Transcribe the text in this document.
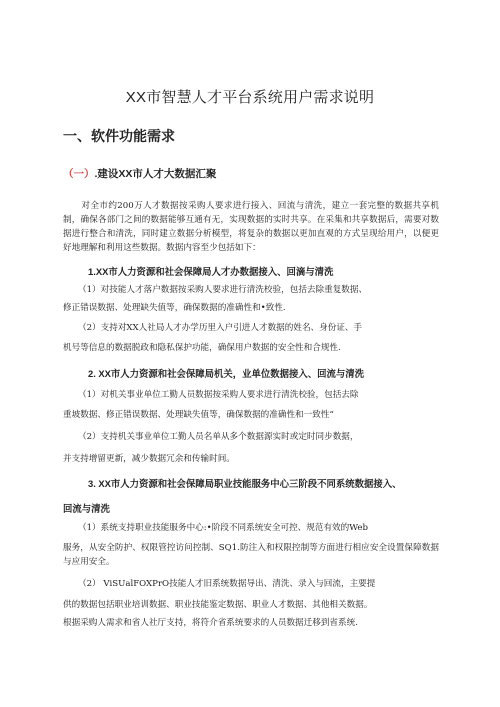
XX市智慧人才平台系统用户需求说明
一、软件功能需求
（一）.建设XX市人才大数据汇聚
对全市约200万人才数据按采购人要求进行接入、回流与清洗，建立一套完整的数据共享机制，确保各部门之间的数据能够互通有无，实现数据的实时共享。在采集和共享数据后，需要对数据进行整合和清洗，同时建立数据分析模型，将复杂的数据以更加直观的方式呈现给用户，以便更好地理解和利用这些数据。数据内容至少包括如下：
1.XX市人力资源和社会保障局人才办数据接入、回滴与清洗
（1）对技能人才落户数据按采购人要求进行清洗校验，包括去除重复数据、
修正错误数据、处理缺失值等，确保数据的准确性和•致性.
（2）支持对XX人社局人才办学历里入户引进人才数据的姓名、身份证、手
机号等信息的数据脱政和隐私保护功能，确保用户数据的安全性和合规性.
2. XX市人力资源和社会保障局机关，业单位数据接入、回流与清洗
（1）对机关事业单位工勤人员数据按采购人要求进行清洗校验，包括去除
重坡数据、修正错误数据、处理缺失值等，确保数据的准确性和一致性“
（2）支持机关事业单位工勤人员名单从多个数据源实时或定时同步数据，
并支持增留更新，减少数据冗余和传输时间。
3. XX市人力资源和社会保障局职业技能服务中心三阶段不同系统数据接入、
回流与清洗
（1）系统支持职业技能服务中心:•阶段不同系统安全可控、规范有效的Web
服务，从安全防护、权限管控访问控制、SQ1.防注入和权限控制等方面进行相应安全设置保障数据与应用安全。
（2） ViSUalFOXPrO技能人才旧系统数据导出、清洗、录入与回流，主要提
供的数据包括职业培训数据、职业技能鉴定数据、职业人才数据、其他相关数据。
根据采购人需求和省人社厅支持，将符介省系统要求的人员数据迁移到省系统.
